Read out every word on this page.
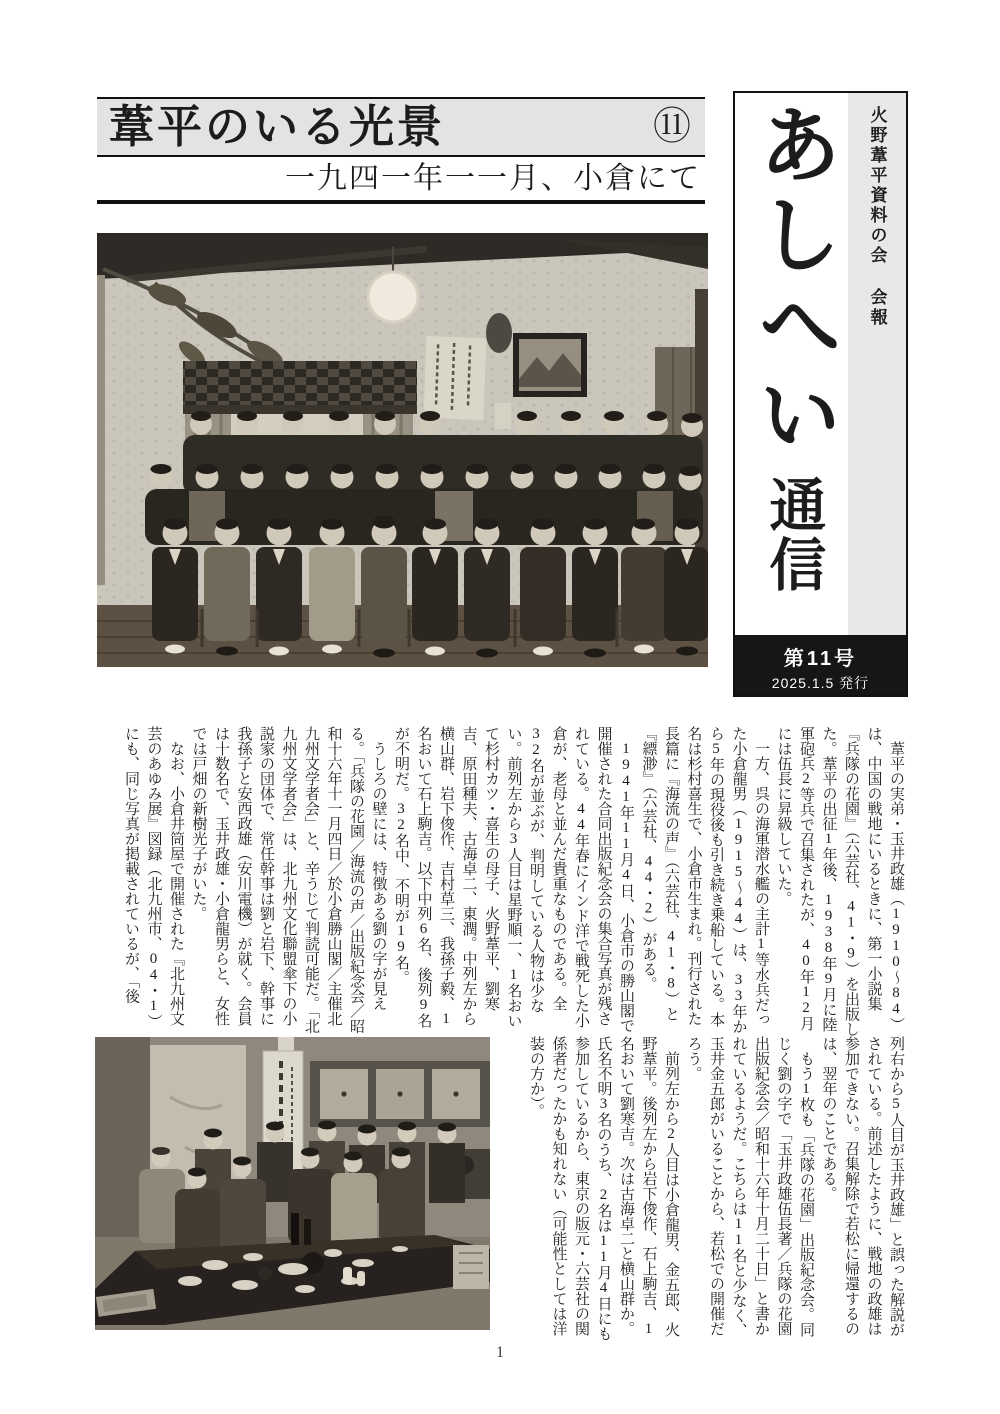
葦平のいる光景	⑪
一九四一年一一月、小倉にて	火野葦平資料の会 会報
あしへい通信
第11号
2025.1.5 発行

　葦平の実弟・玉井政雄（1910～84）は、中国の戦地にいるときに、第一小説集『兵隊の花園』（六芸社、41・9）を出版した。葦平の出征1年後、1938年9月に陸軍砲兵2等兵で召集されたが、40年12月には伍長に昇級していた。

　一方、呉の海軍潜水艦の主計1等水兵だった小倉龍男（1915～44）は、33年から5年の現役後も引き続き乗船している。本名は杉村喜生で、小倉市生まれ。刊行された長篇に『海流の声』（六芸社、41・8）と『縹渺』（六芸社、44・2）がある。

　1941年11月4日、小倉市の勝山閣で開催された合同出版紀念会の集合写真が残されている。44年春にインド洋で戦死した小倉が、老母と並んだ貴重なものである。全32名が並ぶが、判明している人物は少ない。前列左から3人目は星野順一、1名おいて杉村カツ・喜生の母子、火野葦平、劉寒吉、原田種夫、古海卓二、東潤。中列左から横山群、岩下俊作、吉村草三、我孫子毅、1名おいて石上駒吉。以下中列6名、後列9名が不明だ。32名中、不明が19名。

　うしろの壁には、特徴ある劉の字が見える。「兵隊の花園／海流の声／出版紀念会／昭和十六年十一月四日／於小倉勝山閣／主催北九州文学者会」と、辛うじて判読可能だ。「北九州文学者会」は、北九州文化聯盟傘下の小説家の団体で、常任幹事は劉と岩下、幹事に我孫子と安西政雄（安川電機）が就く。会員は十数名で、玉井政雄・小倉龍男らと、女性では戸畑の新樹光子がいた。

　なお、小倉井筒屋で開催された『北九州文芸のあゆみ展』図録（北九州市、04・1）にも、同じ写真が掲載されているが、「後

列右から5人目が玉井政雄」と誤った解説がされている。前述したように、戦地の政雄は参加できない。召集解除で若松に帰還するのは、翌年のことである。

　もう1枚も「兵隊の花園」出版紀念会。同じく劉の字で「玉井政雄伍長著／兵隊の花園出版紀念会／昭和十六年十月二十日」と書かれているようだ。こちらは11名と少なく、玉井金五郎がいることから、若松での開催だろう。

　前列左から2人目は小倉龍男、金五郎、火野葦平。後列左から岩下俊作、石上駒吉、1名おいて劉寒吉。次は古海卓二と横山群か。氏名不明3名のうち、2名は11月4日にも参加しているから、東京の版元・六芸社の関係者だったかも知れない（可能性としては洋装の方か）。

1
